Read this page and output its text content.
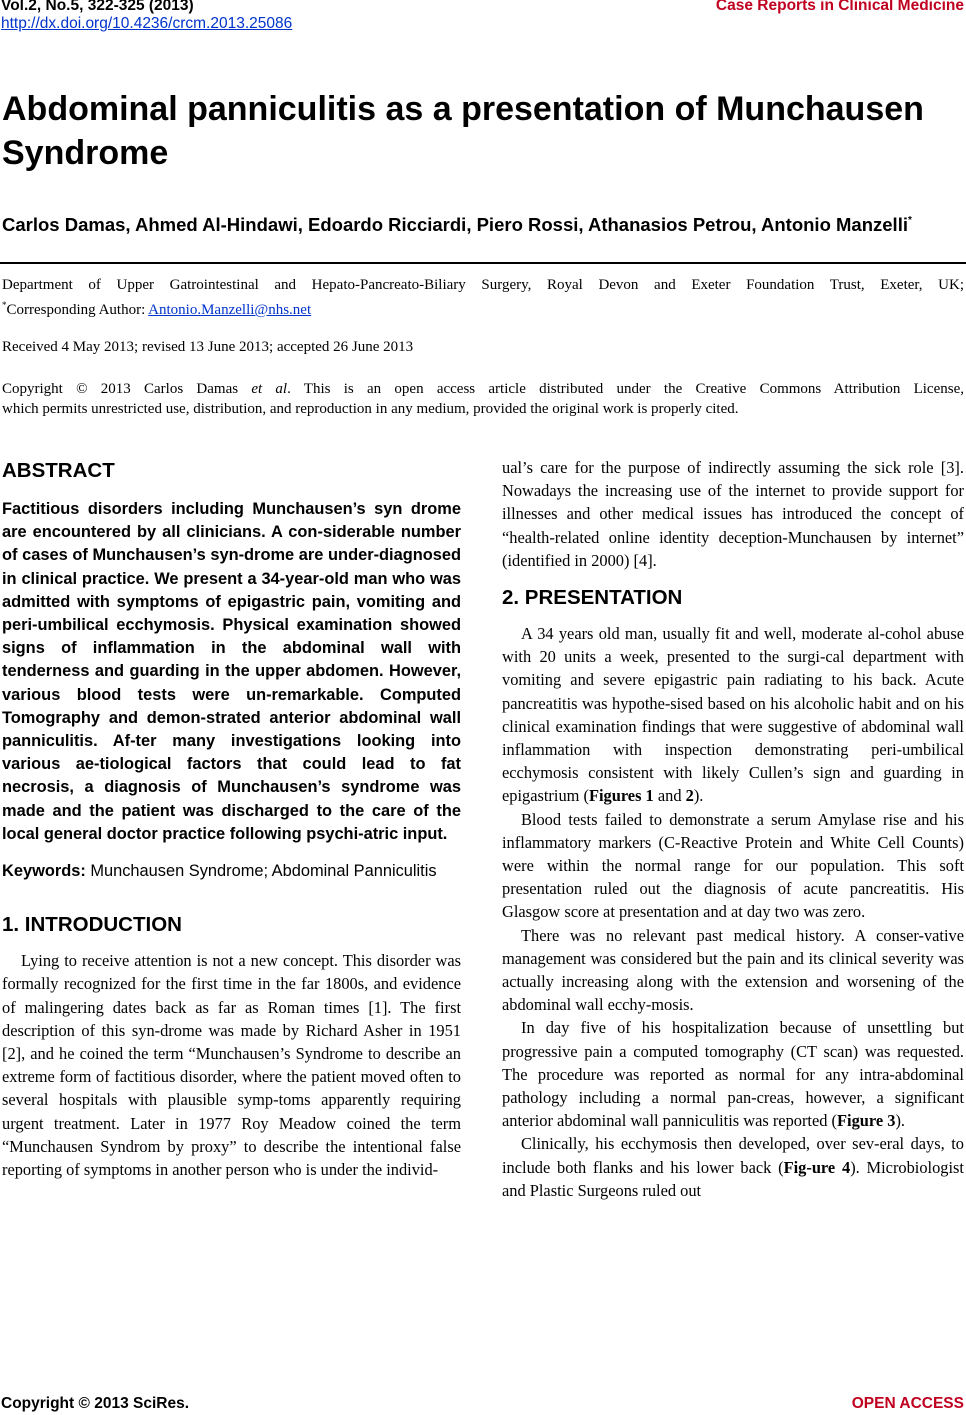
Vol.2, No.5, 322-325 (2013)	Case Reports in Clinical Medicine
http://dx.doi.org/10.4236/crcm.2013.25086
Abdominal panniculitis as a presentation of Munchausen Syndrome
Carlos Damas, Ahmed Al-Hindawi, Edoardo Ricciardi, Piero Rossi, Athanasios Petrou, Antonio Manzelli*
Department of Upper Gatrointestinal and Hepato-Pancreato-Biliary Surgery, Royal Devon and Exeter Foundation Trust, Exeter, UK;
*Corresponding Author: Antonio.Manzelli@nhs.net
Received 4 May 2013; revised 13 June 2013; accepted 26 June 2013
Copyright © 2013 Carlos Damas et al. This is an open access article distributed under the Creative Commons Attribution License,
which permits unrestricted use, distribution, and reproduction in any medium, provided the original work is properly cited.
ABSTRACT
Factitious disorders including Munchausen’s syn drome are encountered by all clinicians. A con-siderable number of cases of Munchausen’s syn-drome are under-diagnosed in clinical practice. We present a 34-year-old man who was admitted with symptoms of epigastric pain, vomiting and peri-umbilical ecchymosis. Physical examination showed signs of inflammation in the abdominal wall with tenderness and guarding in the upper abdomen. However, various blood tests were un-remarkable. Computed Tomography and demon-strated anterior abdominal wall panniculitis. Af-ter many investigations looking into various ae-tiological factors that could lead to fat necrosis, a diagnosis of Munchausen’s syndrome was made and the patient was discharged to the care of the local general doctor practice following psychi-atric input.
Keywords: Munchausen Syndrome; Abdominal Panniculitis
1. INTRODUCTION

Lying to receive attention is not a new concept. This disorder was formally recognized for the first time in the far 1800s, and evidence of malingering dates back as far as Roman times [1]. The first description of this syn-drome was made by Richard Asher in 1951 [2], and he coined the term “Munchausen’s Syndrome to describe an extreme form of factitious disorder, where the patient moved often to several hospitals with plausible symp-toms apparently requiring urgent treatment. Later in 1977 Roy Meadow coined the term “Munchausen Syndrom by proxy” to describe the intentional false reporting of symptoms in another person who is under the individ-

ual’s care for the purpose of indirectly assuming the sick role [3]. Nowadays the increasing use of the internet to provide support for illnesses and other medical issues has introduced the concept of “health-related online identity deception-Munchausen by internet” (identified in 2000) [4].

2. PRESENTATION

A 34 years old man, usually fit and well, moderate al-cohol abuse with 20 units a week, presented to the surgi-cal department with vomiting and severe epigastric pain radiating to his back. Acute pancreatitis was hypothe-sised based on his alcoholic habit and on his clinical examination findings that were suggestive of abdominal wall inflammation with inspection demonstrating peri-umbilical ecchymosis consistent with likely Cullen’s sign and guarding in epigastrium (Figures 1 and 2).

Blood tests failed to demonstrate a serum Amylase rise and his inflammatory markers (C-Reactive Protein and White Cell Counts) were within the normal range for our population. This soft presentation ruled out the diagnosis of acute pancreatitis. His Glasgow score at presentation and at day two was zero.

There was no relevant past medical history. A conser-vative management was considered but the pain and its clinical severity was actually increasing along with the extension and worsening of the abdominal wall ecchy-mosis.

In day five of his hospitalization because of unsettling but progressive pain a computed tomography (CT scan) was requested. The procedure was reported as normal for any intra-abdominal pathology including a normal pan-creas, however, a significant anterior abdominal wall panniculitis was reported (Figure 3).

Clinically, his ecchymosis then developed, over sev-eral days, to include both flanks and his lower back (Fig-ure 4). Microbiologist and Plastic Surgeons ruled out

Copyright © 2013 SciRes.	OPEN ACCESS
